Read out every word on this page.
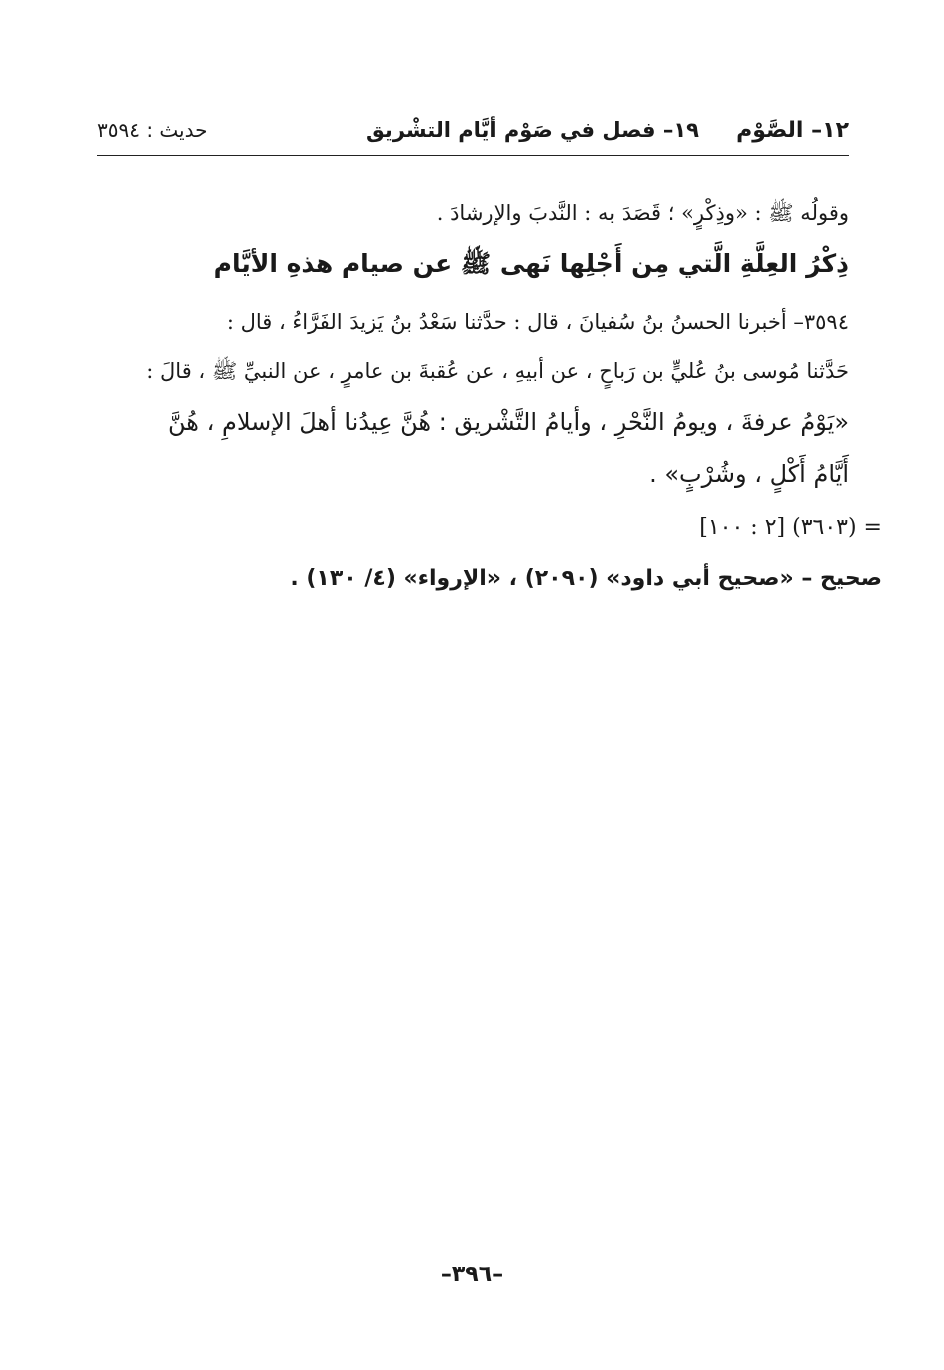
١٢– الصَّوْم
١٩– فصل في صَوْم أيَّام التشْريق
حديث : ٣٥٩٤
وقولُه ﷺ : «وذِكْرٍ» ؛ قَصَدَ به : النَّدبَ والإرشادَ .
ذِكْرُ العِلَّةِ الَّتي مِن أَجْلِها نَهى ﷺ عن صيام هذهِ الأيَّام
٣٥٩٤– أخبرنا الحسنُ بنُ سُفيانَ ، قال : حدَّثنا سَعْدُ بنُ يَزيدَ الفَرَّاءُ ، قال :
حَدَّثنا مُوسى بنُ عُليٍّ بن رَباحٍ ، عن أبيهِ ، عن عُقبةَ بن عامرٍ ، عن النبيِّ ﷺ ، قالَ :
«يَوْمُ عرفةَ ، ويومُ النَّحْرِ ، وأيامُ التَّشْريق : هُنَّ عِيدُنا أهلَ الإسلامِ ، هُنَّ
أَيَّامُ أَكْلٍ ، وشُرْبٍ» .
= (٣٦٠٣) [٢ : ١٠٠]
صحيح – «صحيح أبي داود» (٢٠٩٠) ، «الإرواء» (٤/ ١٣٠) .
–٣٩٦–
